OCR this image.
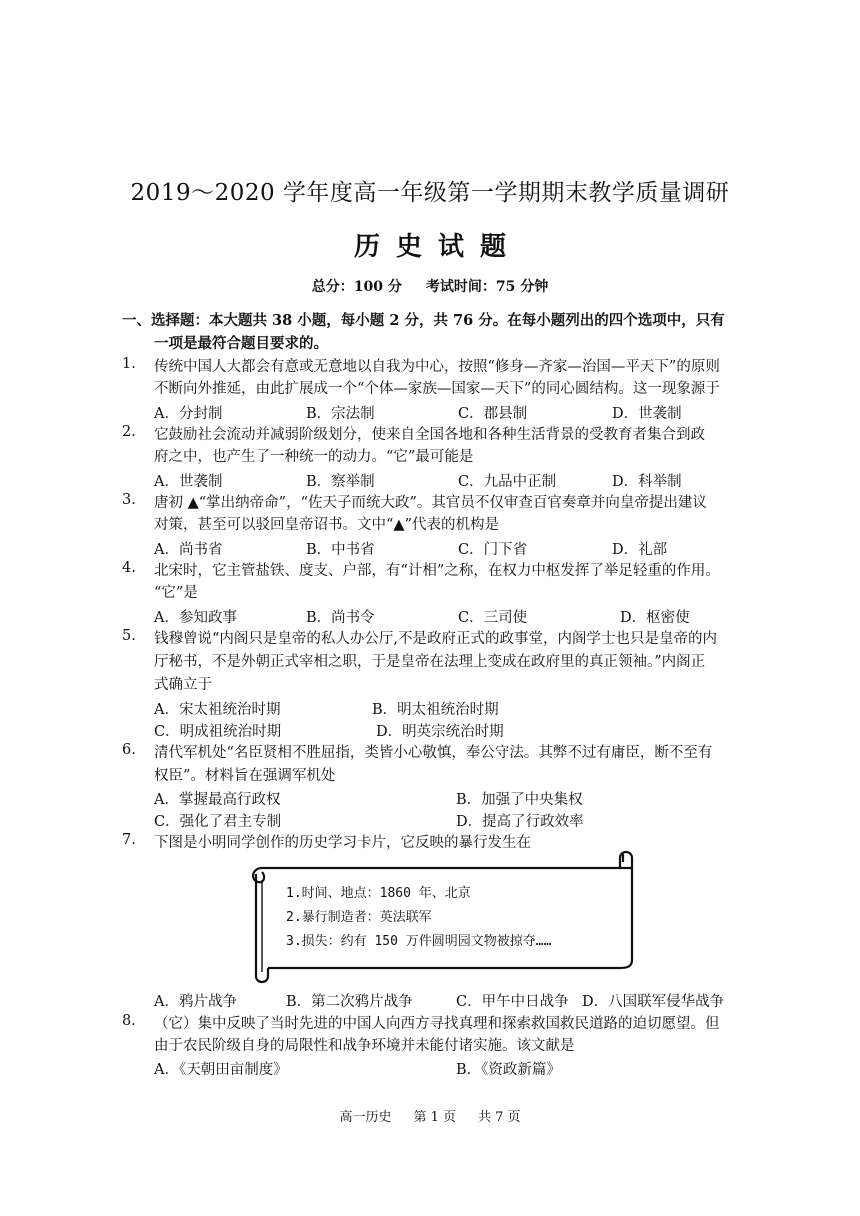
2019～2020 学年度高一年级第一学期期末教学质量调研
历史试题
总分：100 分 考试时间：75 分钟
一、选择题：本大题共 38 小题，每小题 2 分，共 76 分。在每小题列出的四个选项中，只有
一项是最符合题目要求的。
1. 传统中国人大都会有意或无意地以自我为中心，按照“修身—齐家—治国—平天下”的原则
不断向外推延，由此扩展成一个“个体—家族—国家—天下”的同心圆结构。这一现象源于
A．分封制	B．宗法制	C．郡县制	D．世袭制
2. 它鼓励社会流动并减弱阶级划分，使来自全国各地和各种生活背景的受教育者集合到政
府之中，也产生了一种统一的动力。“它”最可能是
A．世袭制	B．察举制	C．九品中正制	D．科举制
3. 唐初 ▲“掌出纳帝命”，“佐天子而统大政”。其官员不仅审查百官奏章并向皇帝提出建议
对策，甚至可以驳回皇帝诏书。文中“▲”代表的机构是
A．尚书省	B．中书省	C．门下省	D．礼部
4. 北宋时，它主管盐铁、度支、户部，有“计相”之称，在权力中枢发挥了举足轻重的作用。
“它”是
A．参知政事	B．尚书令	C．三司使	D．枢密使
5. 钱穆曾说“内阁只是皇帝的私人办公厅,不是政府正式的政事堂，内阁学士也只是皇帝的内
厅秘书，不是外朝正式宰相之职，于是皇帝在法理上变成在政府里的真正领袖。”内阁正
式确立于
A．宋太祖统治时期	B．明太祖统治时期
C．明成祖统治时期	D．明英宗统治时期
6. 清代军机处“名臣贤相不胜屈指，类皆小心敬慎，奉公守法。其弊不过有庸臣，断不至有
权臣”。材料旨在强调军机处
A．掌握最高行政权	B．加强了中央集权
C．强化了君主专制	D．提高了行政效率
7. 下图是小明同学创作的历史学习卡片，它反映的暴行发生在
1.时间、地点：1860 年、北京
2.暴行制造者：英法联军
3.损失：约有 150 万件圆明园文物被掠夺……
A．鸦片战争	B．第二次鸦片战争	C．甲午中日战争 D．八国联军侵华战争
8. （它）集中反映了当时先进的中国人向西方寻找真理和探索救国救民道路的迫切愿望。但
由于农民阶级自身的局限性和战争环境并未能付诸实施。该文献是
A．《天朝田亩制度》	B．《资政新篇》
高一历史 第 1 页 共 7 页
